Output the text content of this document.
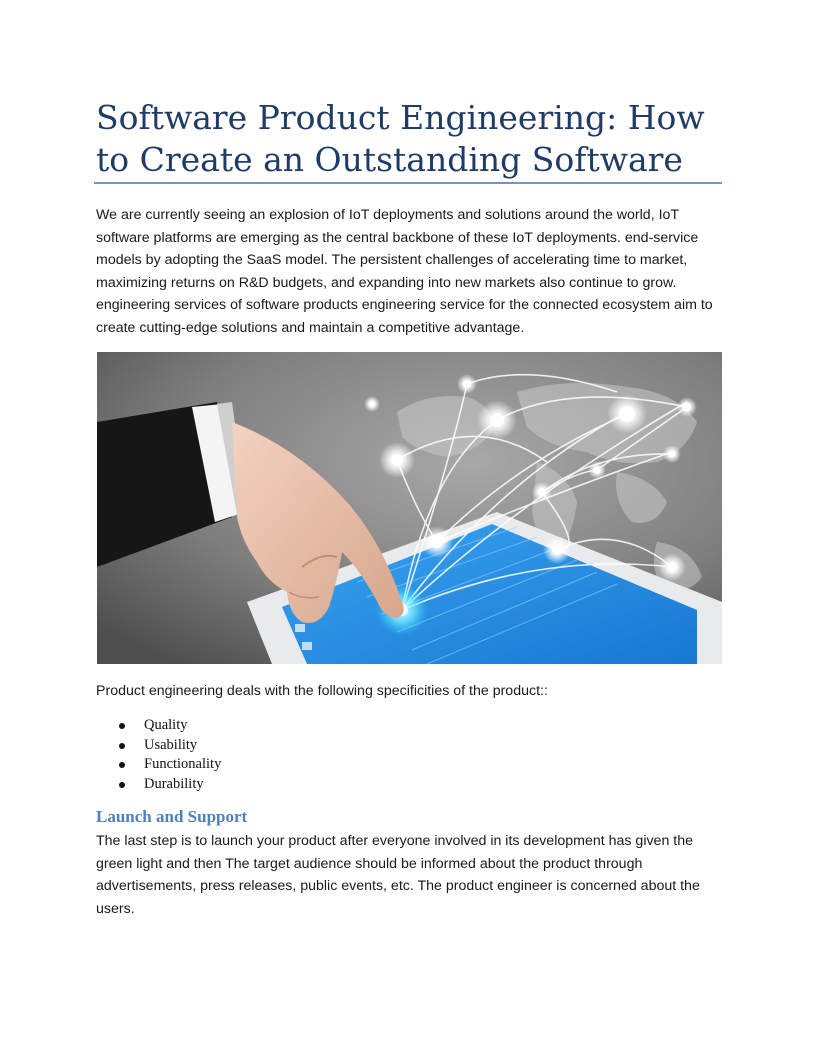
Software Product Engineering: How to Create an Outstanding Software

We are currently seeing an explosion of IoT deployments and solutions around the world, IoT software platforms are emerging as the central backbone of these IoT deployments. end-service models by adopting the SaaS model. The persistent challenges of accelerating time to market, maximizing returns on R&D budgets, and expanding into new markets also continue to grow. engineering services of software products engineering service for the connected ecosystem aim to create cutting-edge solutions and maintain a competitive advantage.

Product engineering deals with the following specificities of the product::

Quality
Usability
Functionality
Durability
Launch and Support

The last step is to launch your product after everyone involved in its development has given the green light and then The target audience should be informed about the product through advertisements, press releases, public events, etc. The product engineer is concerned about the users.
